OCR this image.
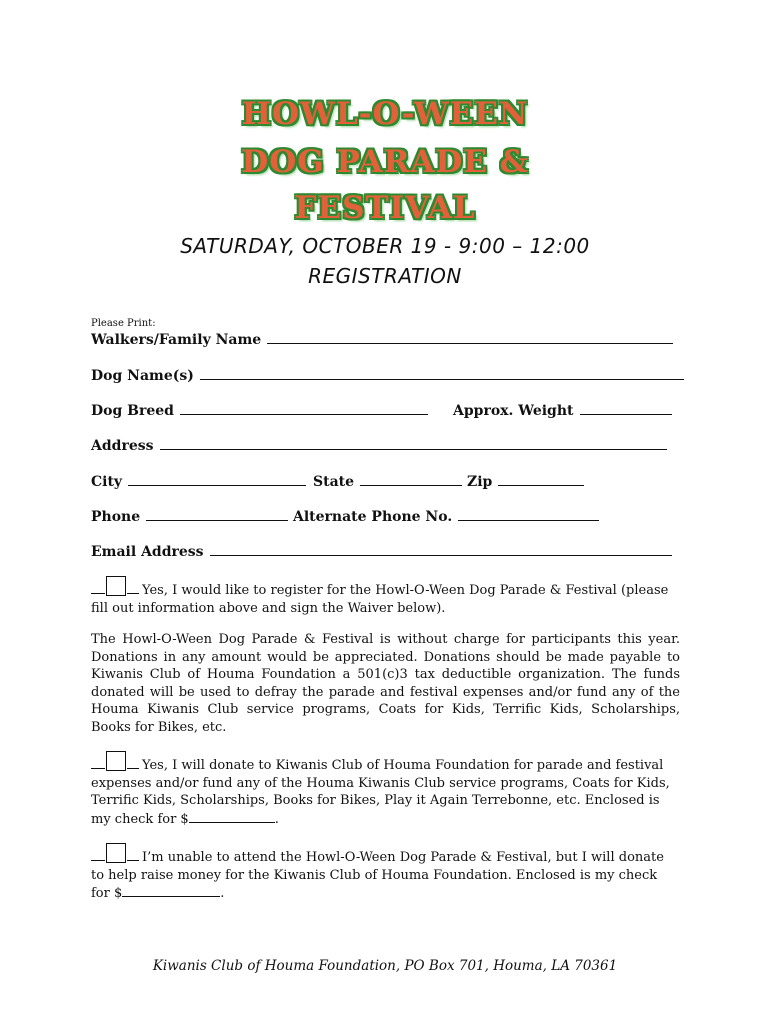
HOWL-O-WEEN
DOG PARADE &
FESTIVAL
SATURDAY, OCTOBER 19 - 9:00 – 12:00
REGISTRATION
Please Print:
Walkers/Family Name
Dog Name(s)
Dog Breed	Approx. Weight
Address
City	State	Zip
Phone	Alternate Phone No.
Email Address
Yes, I would like to register for the Howl-O-Ween Dog Parade & Festival (please fill out information above and sign the Waiver below).
The Howl-O-Ween Dog Parade & Festival is without charge for participants this year. Donations in any amount would be appreciated. Donations should be made payable to Kiwanis Club of Houma Foundation a 501(c)3 tax deductible organization. The funds donated will be used to defray the parade and festival expenses and/or fund any of the Houma Kiwanis Club service programs, Coats for Kids, Terrific Kids, Scholarships, Books for Bikes, etc.
Yes, I will donate to Kiwanis Club of Houma Foundation for parade and festival expenses and/or fund any of the Houma Kiwanis Club service programs, Coats for Kids, Terrific Kids, Scholarships, Books for Bikes, Play it Again Terrebonne, etc. Enclosed is my check for $	.
I’m unable to attend the Howl-O-Ween Dog Parade & Festival, but I will donate to help raise money for the Kiwanis Club of Houma Foundation. Enclosed is my check for $	.
Kiwanis Club of Houma Foundation, PO Box 701, Houma, LA 70361
